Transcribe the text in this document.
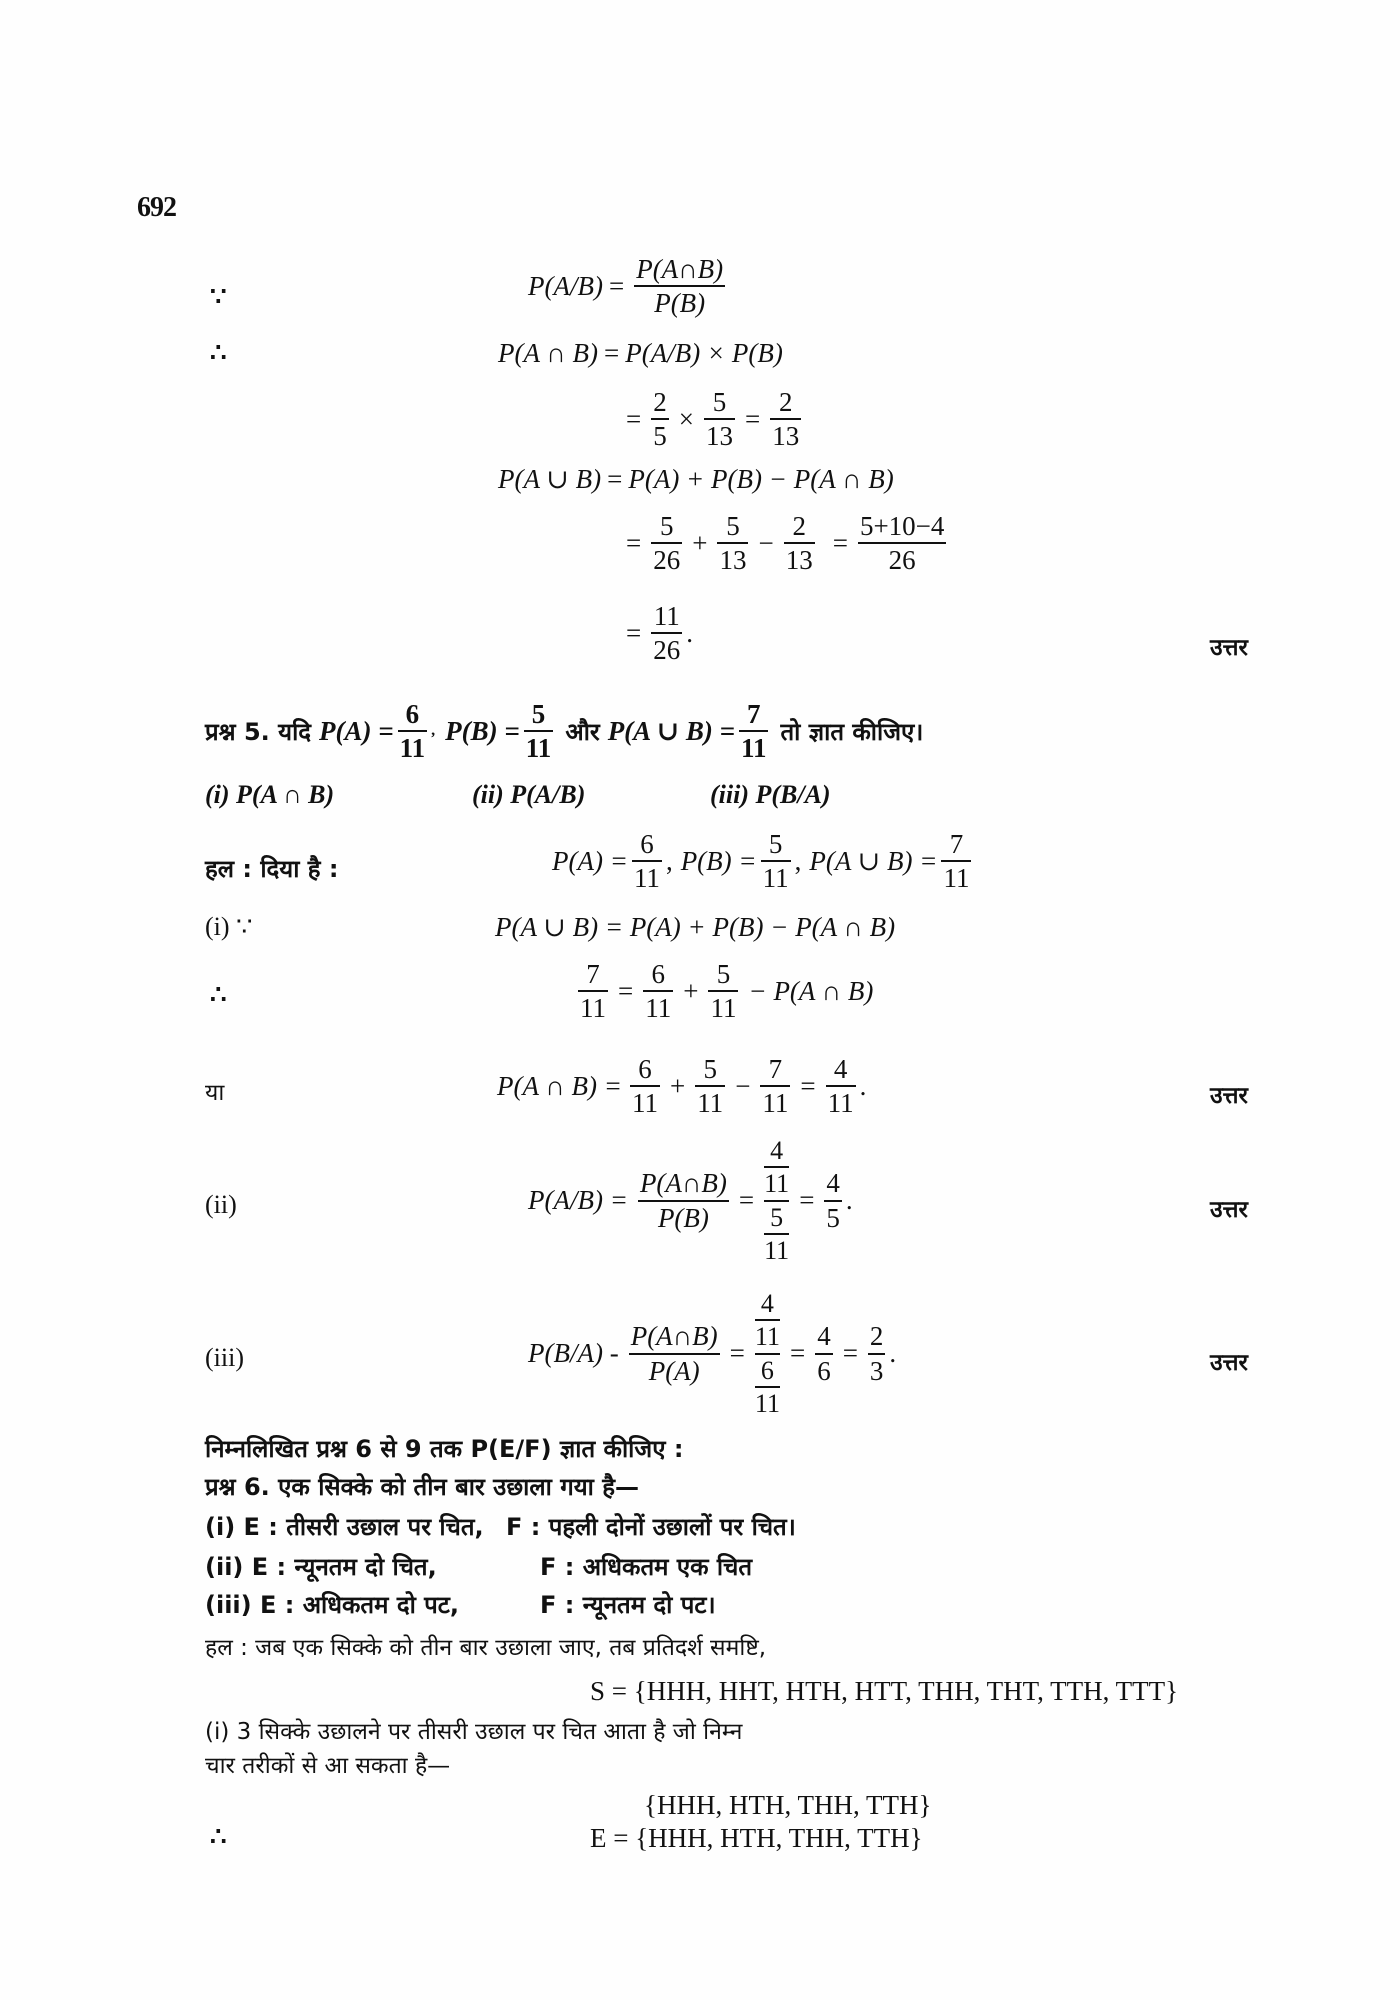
692
∵	$P(A/B) = \frac{P(A\cap B)}{P(B)}$
∴	P(A ∩ B) = P(A/B) × P(B)
= $\frac{2}{5} \times \frac{5}{13} = \frac{2}{13}$
P(A ∪ B) = P(A) + P(B) − P(A ∩ B)
= $\frac{5}{26} + \frac{5}{13} - \frac{2}{13} = \frac{5+10-4}{26}$
= $\frac{11}{26}$ .
उत्तर
प्रश्न 5. यदि $P(A) = \frac{6}{11}$ , $P(B) = \frac{5}{11}$ और P(A ∪ $B) = \frac{7}{11}$ तो ज्ञात कीजिए।
(i) P(A ∩ B)	(ii) P(A/B)	(iii) P(B/A)
हल : दिया है :	$P(A) = \frac{6}{11}$ , $P(B) = \frac{5}{11}$ , P(A ∪ $B) = \frac{7}{11}$
(i) ∵	P(A ∪ B) = P(A) + P(B) − P(A ∩ B)
∴	$\frac{7}{11} = \frac{6}{11} + \frac{5}{11} - P(A$ ∩ B)
या	P(A ∩ $B) = \frac{6}{11} + \frac{5}{11} - \frac{7}{11} = \frac{4}{11}$ .	उत्तर
(ii)	$P(A/B) = \frac{P(A\cap B)}{P(B)}$ =
4
11
5
11
= $\frac{4}{5}$ .	उत्तर
(iii)	$P(B/A) - \frac{P(A\cap B)}{P(A)}$ =
4
11
6
11
= $\frac{4}{6} = \frac{2}{3}$ .	उत्तर
निम्नलिखित प्रश्न 6 से 9 तक P(E/F) ज्ञात कीजिए :
प्रश्न 6. एक सिक्के को तीन बार उछाला गया है—
(i) E : तीसरी उछाल पर चित, F : पहली दोनों उछालों पर चित।
(ii) E : न्यूनतम दो चित,	F : अधिकतम एक चित
(iii) E : अधिकतम दो पट,	F : न्यूनतम दो पट।
हल : जब एक सिक्के को तीन बार उछाला जाए, तब प्रतिदर्श समष्टि,
S = {HHH, HHT, HTH, HTT, THH, THT, TTH, TTT}
(i) 3 सिक्के उछालने पर तीसरी उछाल पर चित आता है जो निम्न
चार तरीकों से आ सकता है—
{HHH, HTH, THH, TTH}
∴	E = {HHH, HTH, THH, TTH}
